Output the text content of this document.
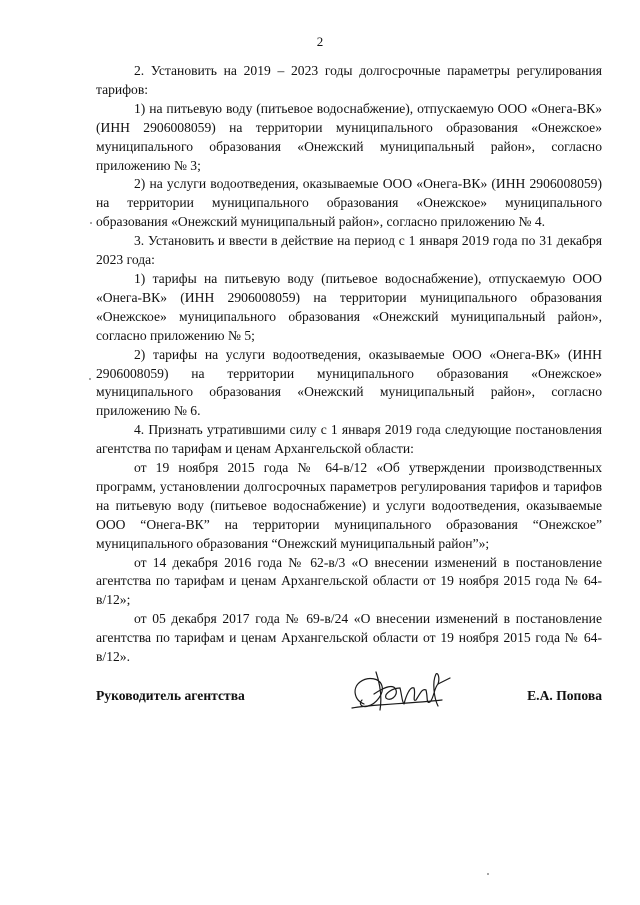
2

2. Установить на 2019 – 2023 годы долгосрочные параметры регулирования тарифов:

1) на питьевую воду (питьевое водоснабжение), отпускаемую ООО «Онега-ВК» (ИНН 2906008059) на территории муниципального образования «Онежское» муниципального образования «Онежский муниципальный район», согласно приложению № 3;

2) на услуги водоотведения, оказываемые ООО «Онега-ВК» (ИНН 2906008059) на территории муниципального образования «Онежское» муниципального образования «Онежский муниципальный район», согласно приложению № 4.

3. Установить и ввести в действие на период с 1 января 2019 года по 31 декабря 2023 года:

1) тарифы на питьевую воду (питьевое водоснабжение), отпускаемую ООО «Онега-ВК» (ИНН 2906008059) на территории муниципального образования «Онежское» муниципального образования «Онежский муниципальный район», согласно приложению № 5;

2) тарифы на услуги водоотведения, оказываемые ООО «Онега-ВК» (ИНН 2906008059) на территории муниципального образования «Онежское» муниципального образования «Онежский муниципальный район», согласно приложению № 6.

4. Признать утратившими силу с 1 января 2019 года следующие постановления агентства по тарифам и ценам Архангельской области:

от 19 ноября 2015 года № 64-в/12 «Об утверждении производственных программ, установлении долгосрочных параметров регулирования тарифов и тарифов на питьевую воду (питьевое водоснабжение) и услуги водоотведения, оказываемые ООО “Онега-ВК” на территории муниципального образования “Онежское” муниципального образования “Онежский муниципальный район”»;

от 14 декабря 2016 года № 62-в/3 «О внесении изменений в постановление агентства по тарифам и ценам Архангельской области от 19 ноября 2015 года № 64-в/12»;

от 05 декабря 2017 года № 69-в/24 «О внесении изменений в постановление агентства по тарифам и ценам Архангельской области от 19 ноября 2015 года № 64-в/12».

Руководитель агентства	Е.А. Попова
